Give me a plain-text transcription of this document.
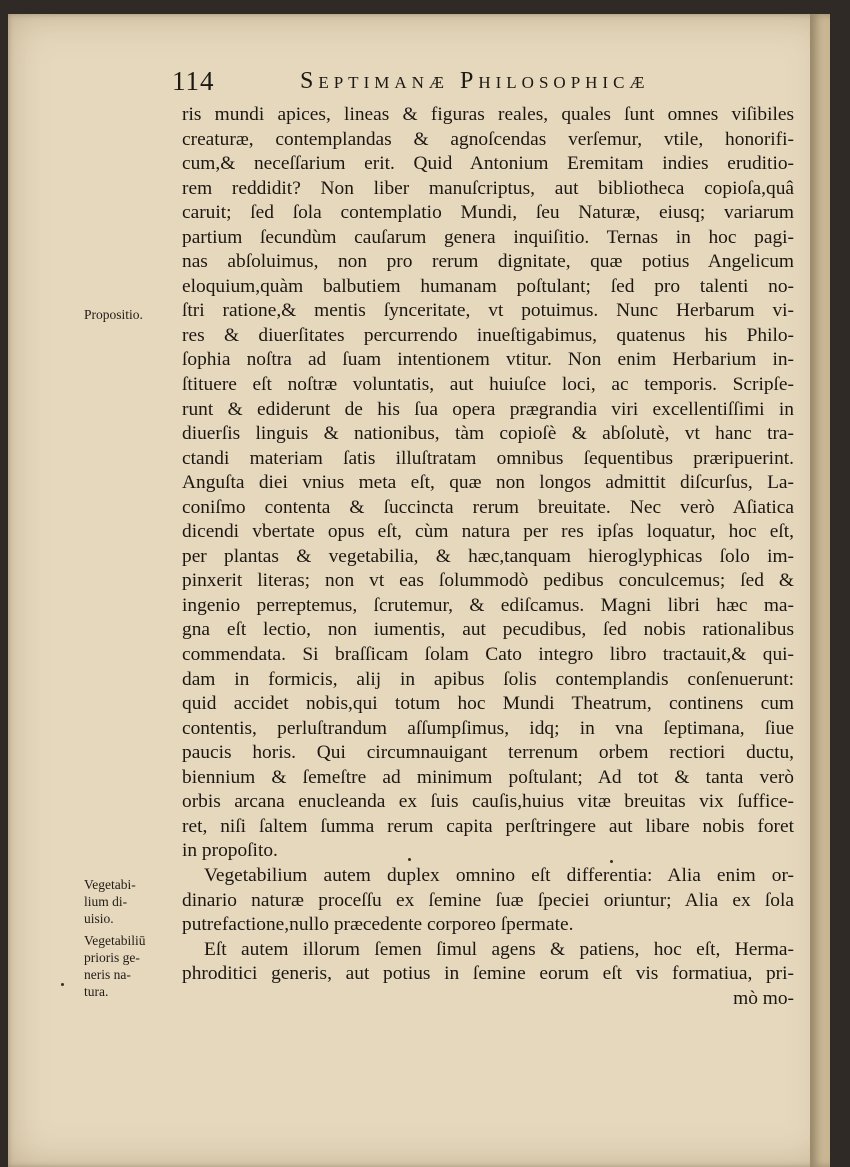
114	Septimanæ Philosophicæ
Propositio.
Vegetabi-
lium di-
uisio.
Vegetabiliū
prioris ge-
neris na-
tura.
ris mundi apices, lineas & figuras reales, quales ſunt omnes viſibiles
creaturæ, contemplandas & agnoſcendas verſemur, vtile, honorifi-
cum,& neceſſarium erit. Quid Antonium Eremitam indies eruditio-
rem reddidit? Non liber manuſcriptus, aut bibliotheca copioſa,quâ
caruit; ſed ſola contemplatio Mundi, ſeu Naturæ, eiusq; variarum
partium ſecundùm cauſarum genera inquiſitio. Ternas in hoc pagi-
nas abſoluimus, non pro rerum dignitate, quæ potius Angelicum
eloquium,quàm balbutiem humanam poſtulant; ſed pro talenti no-
ſtri ratione,& mentis ſynceritate, vt potuimus. Nunc Herbarum vi-
res & diuerſitates percurrendo inueſtigabimus, quatenus his Philo-
ſophia noſtra ad ſuam intentionem vtitur. Non enim Herbarium in-
ſtituere eſt noſtræ voluntatis, aut huiuſce loci, ac temporis. Scripſe-
runt & ediderunt de his ſua opera prægrandia viri excellentiſſimi in
diuerſis linguis & nationibus, tàm copioſè & abſolutè, vt hanc tra-
ctandi materiam ſatis illuſtratam omnibus ſequentibus præripuerint.
Anguſta diei vnius meta eſt, quæ non longos admittit diſcurſus, La-
coniſmo contenta & ſuccincta rerum breuitate. Nec verò Aſiatica
dicendi vbertate opus eſt, cùm natura per res ipſas loquatur, hoc eſt,
per plantas & vegetabilia, & hæc,tanquam hieroglyphicas ſolo im-
pinxerit literas; non vt eas ſolummodò pedibus conculcemus; ſed &
ingenio perreptemus, ſcrutemur, & ediſcamus. Magni libri hæc ma-
gna eſt lectio, non iumentis, aut pecudibus, ſed nobis rationalibus
commendata. Si braſſicam ſolam Cato integro libro tractauit,& qui-
dam in formicis, alij in apibus ſolis contemplandis conſenuerunt:
quid accidet nobis,qui totum hoc Mundi Theatrum, continens cum
contentis, perluſtrandum aſſumpſimus, idq; in vna ſeptimana, ſiue
paucis horis. Qui circumnauigant terrenum orbem rectiori ductu,
biennium & ſemeſtre ad minimum poſtulant; Ad tot & tanta verò
orbis arcana enucleanda ex ſuis cauſis,huius vitæ breuitas vix ſuffice-
ret, niſi ſaltem ſumma rerum capita perſtringere aut libare nobis foret
in propoſito.
Vegetabilium autem duplex omnino eſt differentia: Alia enim or-
dinario naturæ proceſſu ex ſemine ſuæ ſpeciei oriuntur; Alia ex ſola
putrefactione,nullo præcedente corporeo ſpermate.
Eſt autem illorum ſemen ſimul agens & patiens, hoc eſt, Herma-
phroditici generis, aut potius in ſemine eorum eſt vis formatiua, pri-
mò mo-
